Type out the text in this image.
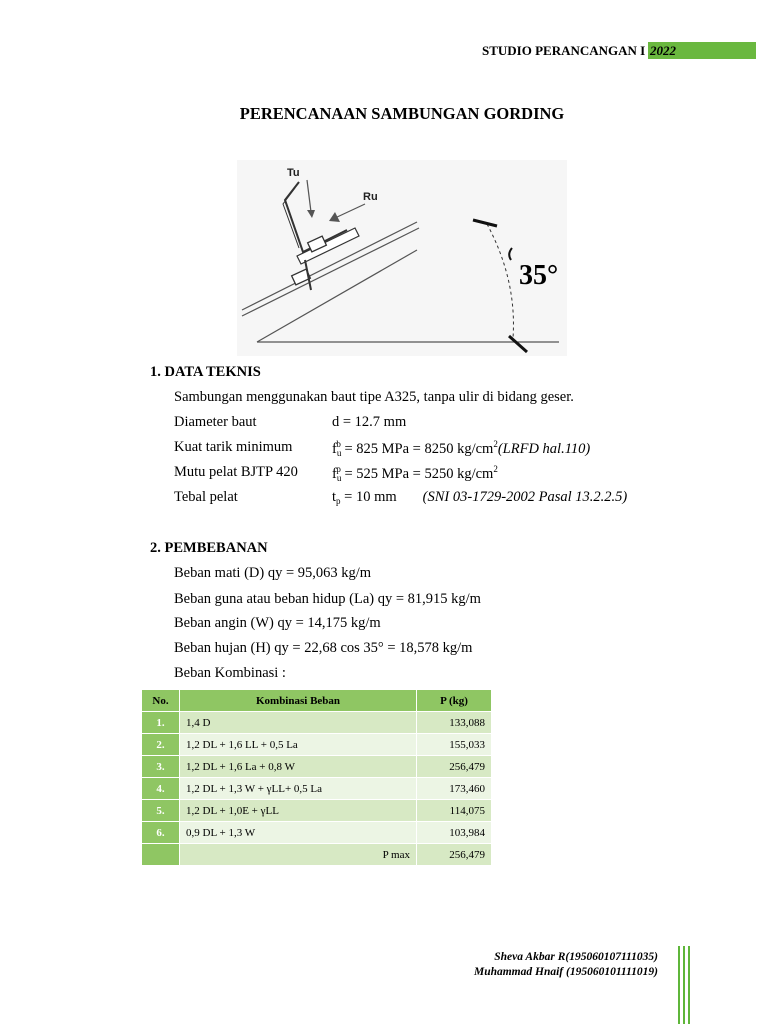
STUDIO PERANCANGAN I 2022
PERENCANAAN SAMBUNGAN GORDING
Tu
Ru
35°
1. DATA TEKNIS
Sambungan menggunakan baut tipe A325, tanpa ulir di bidang geser.
Diameter baut	d = 12.7 mm
Kuat tarik minimum	$f_u^b = 825$ MPa = 8250 $kg/cm^2(LRFD$ hal.110)
Mutu pelat BJTP 420 $f_u^p = 525$ MPa = 5250 $kg/cm^2$
Tebal pelat	$t_p = 10$ mm (SNI 03-1729-2002 Pasal 13.2.2.5)
2. PEMBEBANAN
Beban mati (D) qy = 95,063 kg/m
Beban guna atau beban hidup (La) qy = 81,915 kg/m
Beban angin (W) qy = 14,175 kg/m
Beban hujan (H) qy = 22,68 cos 35° = 18,578 kg/m
Beban Kombinasi :
No.	Kombinasi Beban	P (kg)
1.	1,4 D	133,088
2.	1,2 DL + 1,6 LL + 0,5 La	155,033
3.	1,2 DL + 1,6 La + 0,8 W	256,479
4.	1,2 DL + 1,3 W + γLL+ 0,5 La	173,460
5.	1,2 DL + 1,0E + γLL	114,075
6.	0,9 DL + 1,3 W	103,984
	P max	256,479
Sheva Akbar R(195060107111035)
Muhammad Hnaif (195060101111019)
